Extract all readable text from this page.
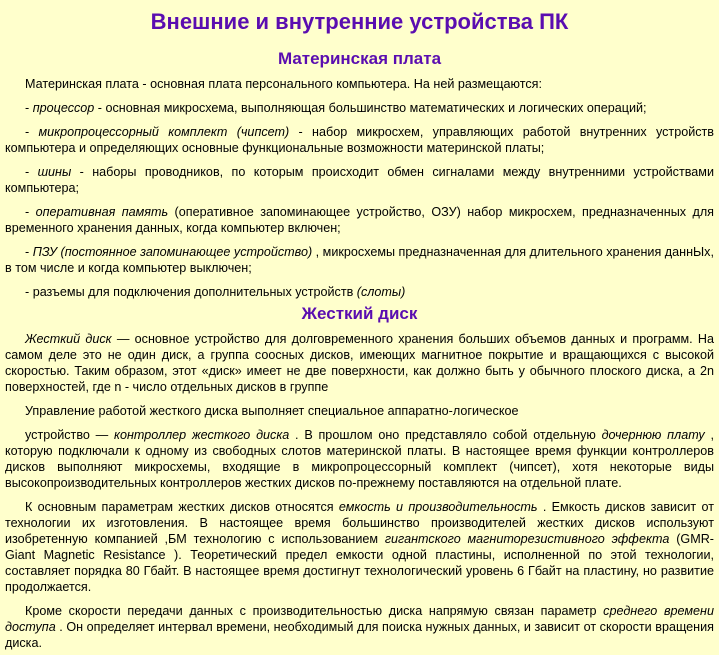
Внешние и внутренние устройства ПК
Материнская плата

Материнская плата - основная плата персонального компьютера. На ней размещаются:

- процессор - основная микросхема, выполняющая большинство математических и логических операций;

- микропроцессорный комплект (чипсет) - набор микросхем, управляющих работой внутренних устройств компьютера и определяющих основные функциональные возможности материнской платы;

- шины - наборы проводников, по которым происходит обмен сигналами между внутренними устройствами компьютера;

- оперативная память (оперативное запоминающее устройство, ОЗУ) набор микросхем, предназначенных для временного хранения данных, когда компьютер включен;

- ПЗУ (постоянное запоминающее устройство) , микросхемы предназначенная для длительного хранения даннЫх, в том числе и когда компьютер выключен;

- разъемы для подключения дополнительных устройств (слоты)

Жесткий диск

Жесткий диск — основное устройство для долговременного хранения больших объемов данных и программ. На самом деле это не один диск, а группа соосных дисков, имеющих магнитное покрытие и вращающихся с высокой скоростью. Таким образом, этот «диск» имеет не две поверхности, как должно быть у обычного плоского диска, а 2n поверхностей, где n - число отдельных дисков в группе

Управление работой жесткого диска выполняет специальное аппаратно-логическое

устройство — контроллер жесткого диска . В прошлом оно представляло собой отдельную дочернюю плату , которую подключали к одному из свободных слотов материнской платы. В настоящее время функции контроллеров дисков выполняют микросхемы, входящие в микропроцессорный комплект (чипсет), хотя некоторые виды высокопроизводительных контроллеров жестких дисков по-прежнему поставляются на отдельной плате.

К основным параметрам жестких дисков относятся емкость и производительность . Емкость дисков зависит от технологии их изготовления. В настоящее время большинство производителей жестких дисков используют изобретенную компанией ,БМ технологию с использованием гигантского магниторезистивного эффекта (GMR-Giant Magnetic Resistance ). Теоретический предел емкости одной пластины, исполненной по этой технологии, составляет порядка 80 Гбайт. В настоящее время достигнут технологический уровень 6 Гбайт на пластину, но развитие продолжается.

Кроме скорости передачи данных с производительностью диска напрямую связан параметр среднего времени доступа . Он определяет интервал времени, необходимый для поиска нужных данных, и зависит от скорости вращения диска.
